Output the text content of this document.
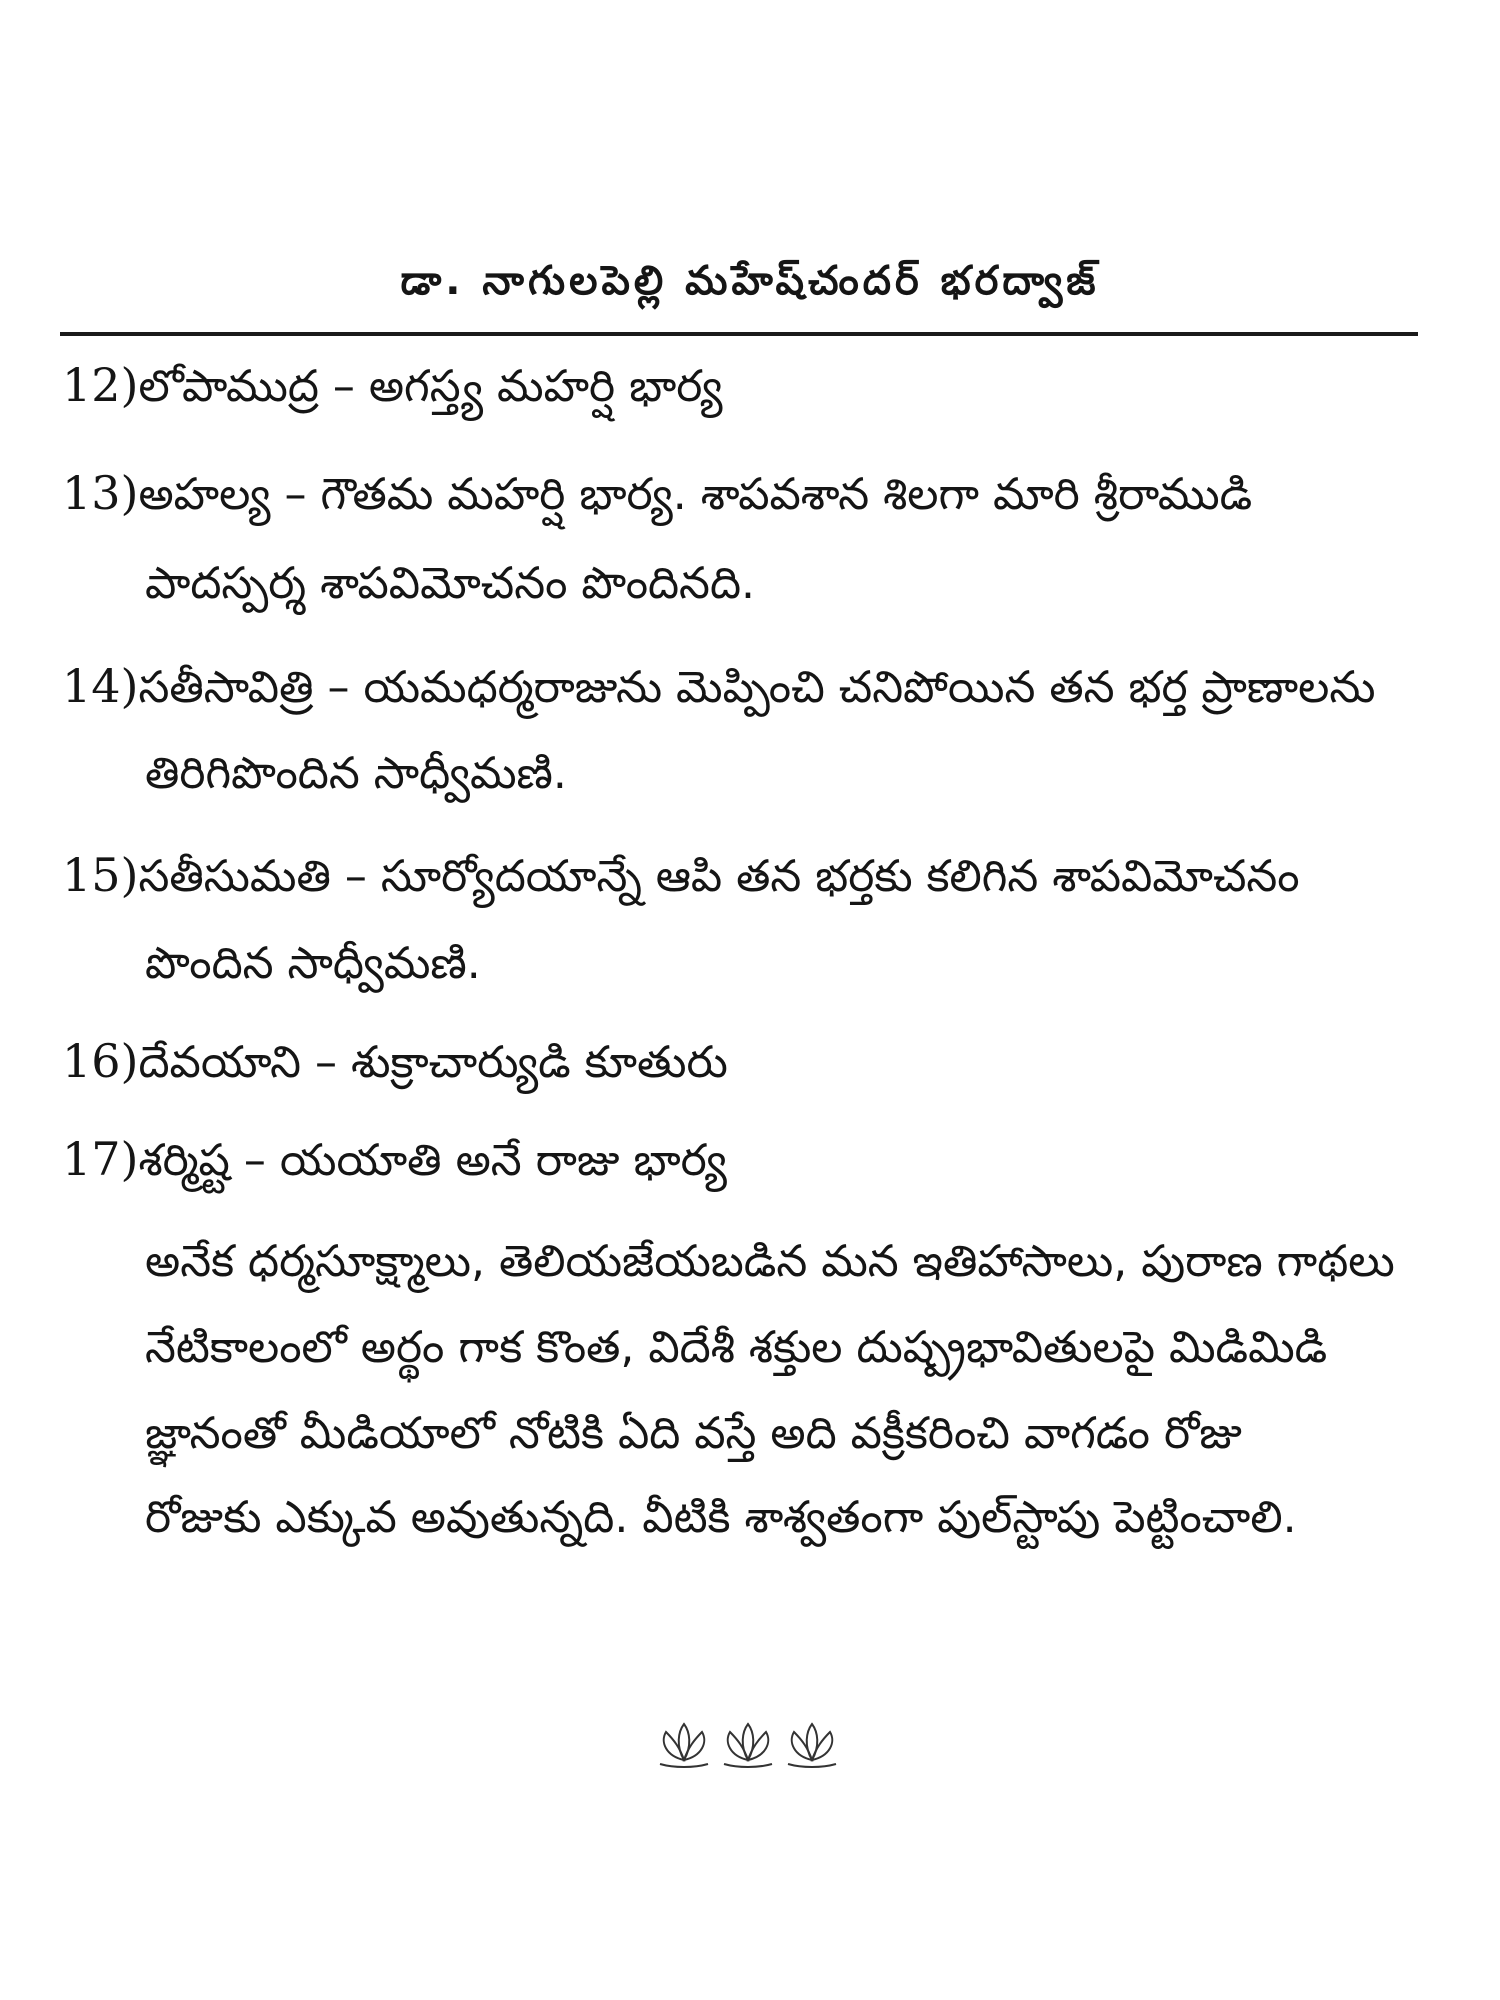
డా. నాగులపెల్లి మహేష్‌చందర్ భరద్వాజ్
12)లోపాముద్ర – అగస్త్య మహర్షి భార్య
13)అహల్య – గౌతమ మహర్షి భార్య. శాపవశాన శిలగా మారి శ్రీరాముడి
పాదస్పర్శ శాపవిమోచనం పొందినది.
14)సతీసావిత్రి – యమధర్మరాజును మెప్పించి చనిపోయిన తన భర్త ప్రాణాలను
తిరిగిపొందిన సాధ్వీమణి.
15)సతీసుమతి – సూర్యోదయాన్నే ఆపి తన భర్తకు కలిగిన శాపవిమోచనం
పొందిన సాధ్వీమణి.
16)దేవయాని – శుక్రాచార్యుడి కూతురు
17)శర్మిష్ట – యయాతి అనే రాజు భార్య
అనేక ధర్మసూక్ష్మాలు, తెలియజేయబడిన మన ఇతిహాసాలు, పురాణ గాథలు
నేటికాలంలో అర్థం గాక కొంత, విదేశీ శక్తుల దుష్ప్రభావితులపై మిడిమిడి
జ్ఞానంతో మీడియాలో నోటికి ఏది వస్తే అది వక్రీకరించి వాగడం రోజు
రోజుకు ఎక్కువ అవుతున్నది. వీటికి శాశ్వతంగా పుల్‌స్టాపు పెట్టించాలి.
